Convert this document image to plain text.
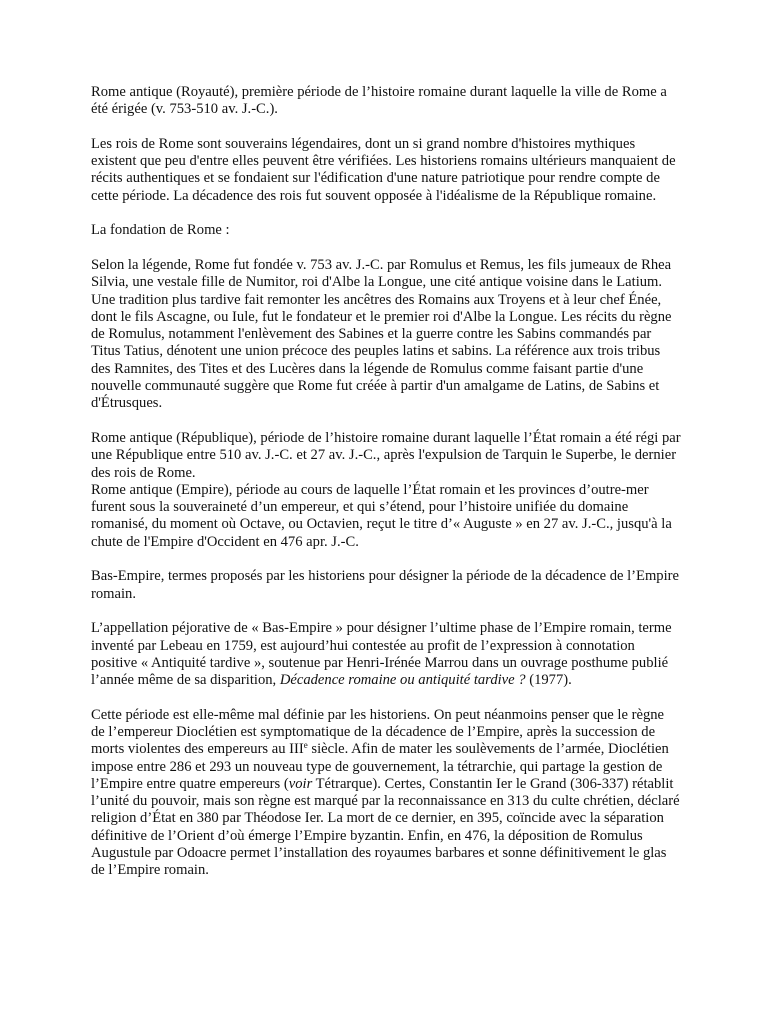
Rome antique (Royauté), première période de l’histoire romaine durant laquelle la ville de Rome a été érigée (v. 753-510 av. J.-C.).

Les rois de Rome sont souverains légendaires, dont un si grand nombre d'histoires mythiques existent que peu d'entre elles peuvent être vérifiées. Les historiens romains ultérieurs manquaient de récits authentiques et se fondaient sur l'édification d'une nature patriotique pour rendre compte de cette période. La décadence des rois fut souvent opposée à l'idéalisme de la République romaine.

La fondation de Rome :

Selon la légende, Rome fut fondée v. 753 av. J.-C. par Romulus et Remus, les fils jumeaux de Rhea Silvia, une vestale fille de Numitor, roi d'Albe la Longue, une cité antique voisine dans le Latium. Une tradition plus tardive fait remonter les ancêtres des Romains aux Troyens et à leur chef Énée, dont le fils Ascagne, ou Iule, fut le fondateur et le premier roi d'Albe la Longue. Les récits du règne de Romulus, notamment l'enlèvement des Sabines et la guerre contre les Sabins commandés par Titus Tatius, dénotent une union précoce des peuples latins et sabins. La référence aux trois tribus des Ramnites, des Tites et des Lucères dans la légende de Romulus comme faisant partie d'une nouvelle communauté suggère que Rome fut créée à partir d'un amalgame de Latins, de Sabins et d'Étrusques.

Rome antique (République), période de l’histoire romaine durant laquelle l’État romain a été régi par une République entre 510 av. J.-C. et 27 av. J.-C., après l'expulsion de Tarquin le Superbe, le dernier des rois de Rome.

Rome antique (Empire), période au cours de laquelle l’État romain et les provinces d’outre-mer furent sous la souveraineté d’un empereur, et qui s’étend, pour l’histoire unifiée du domaine romanisé, du moment où Octave, ou Octavien, reçut le titre d’« Auguste » en 27 av. J.-C., jusqu'à la chute de l'Empire d'Occident en 476 apr. J.-C.

Bas-Empire, termes proposés par les historiens pour désigner la période de la décadence de l’Empire romain.

L’appellation péjorative de « Bas-Empire » pour désigner l’ultime phase de l’Empire romain, terme inventé par Lebeau en 1759, est aujourd’hui contestée au profit de l’expression à connotation positive « Antiquité tardive », soutenue par Henri-Irénée Marrou dans un ouvrage posthume publié l’année même de sa disparition, Décadence romaine ou antiquité tardive ? (1977).

Cette période est elle-même mal définie par les historiens. On peut néanmoins penser que le règne de l’empereur Dioclétien est symptomatique de la décadence de l’Empire, après la succession de morts violentes des empereurs au IIIe siècle. Afin de mater les soulèvements de l’armée, Dioclétien impose entre 286 et 293 un nouveau type de gouvernement, la tétrarchie, qui partage la gestion de l’Empire entre quatre empereurs (voir Tétrarque). Certes, Constantin Ier le Grand (306-337) rétablit l’unité du pouvoir, mais son règne est marqué par la reconnaissance en 313 du culte chrétien, déclaré religion d’État en 380 par Théodose Ier. La mort de ce dernier, en 395, coïncide avec la séparation définitive de l’Orient d’où émerge l’Empire byzantin. Enfin, en 476, la déposition de Romulus Augustule par Odoacre permet l’installation des royaumes barbares et sonne définitivement le glas de l’Empire romain.
